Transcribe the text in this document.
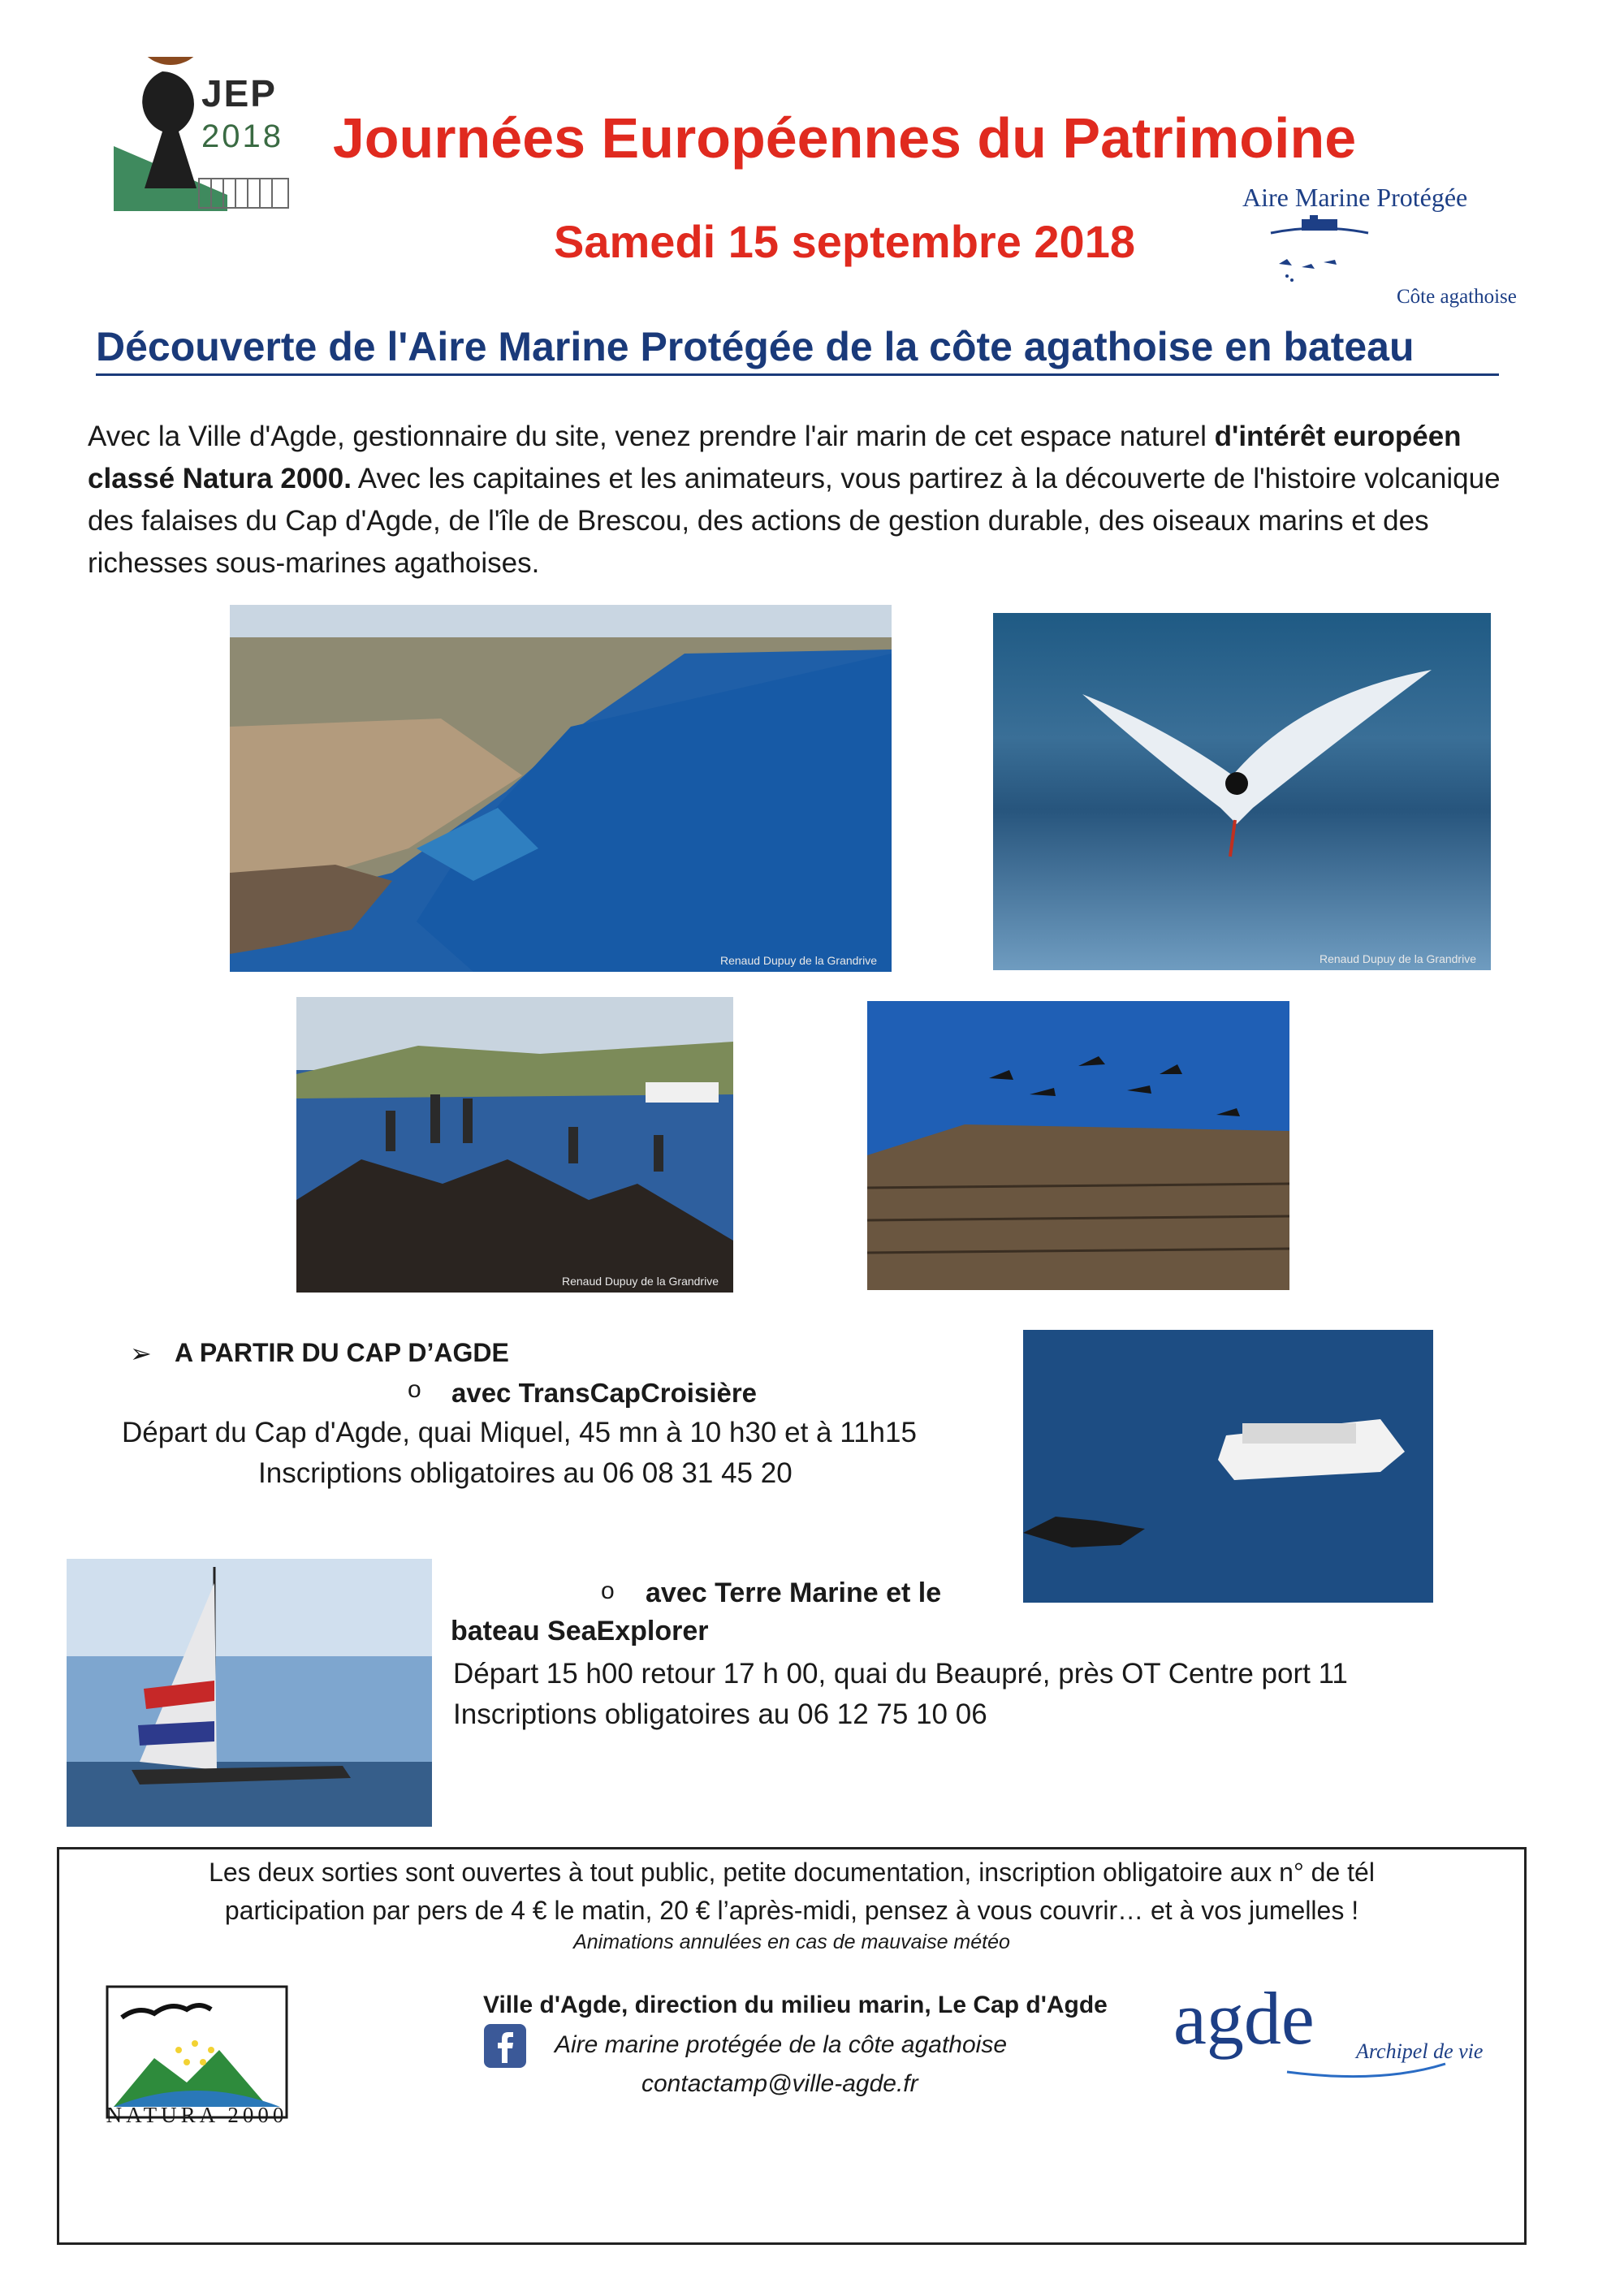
JEP
2018 Journées Européennes du Patrimoine
Samedi 15 septembre 2018
Aire Marine Protégée
Côte agathoise
Découverte de l'Aire Marine Protégée de la côte agathoise en bateau
Avec la Ville d'Agde, gestionnaire du site, venez prendre l'air marin de cet espace naturel d'intérêt européen classé Natura 2000. Avec les capitaines et les animateurs, vous partirez à la découverte de l'histoire volcanique des falaises du Cap d'Agde, de l'île de Brescou, des actions de gestion durable, des oiseaux marins et des richesses sous-marines agathoises.
Renaud Dupuy de la Grandrive	Renaud Dupuy de la Grandrive
Renaud Dupuy de la Grandrive
➢ A PARTIR DU CAP D’AGDE
o avec TransCapCroisière
Départ du Cap d'Agde, quai Miquel, 45 mn à 10 h30 et à 11h15
Inscriptions obligatoires au 06 08 31 45 20
o avec Terre Marine et le
bateau SeaExplorer
Départ 15 h00 retour 17 h 00, quai du Beaupré, près OT Centre port 11
Inscriptions obligatoires au 06 12 75 10 06
Les deux sorties sont ouvertes à tout public, petite documentation, inscription obligatoire aux n° de tél
participation par pers de 4 € le matin, 20 € l’après-midi, pensez à vous couvrir… et à vos jumelles !
Animations annulées en cas de mauvaise météo
NATURA 2000
Ville d'Agde, direction du milieu marin, Le Cap d'Agde
Aire marine protégée de la côte agathoise
contactamp@ville-agde.fr
agde Archipel de vie
